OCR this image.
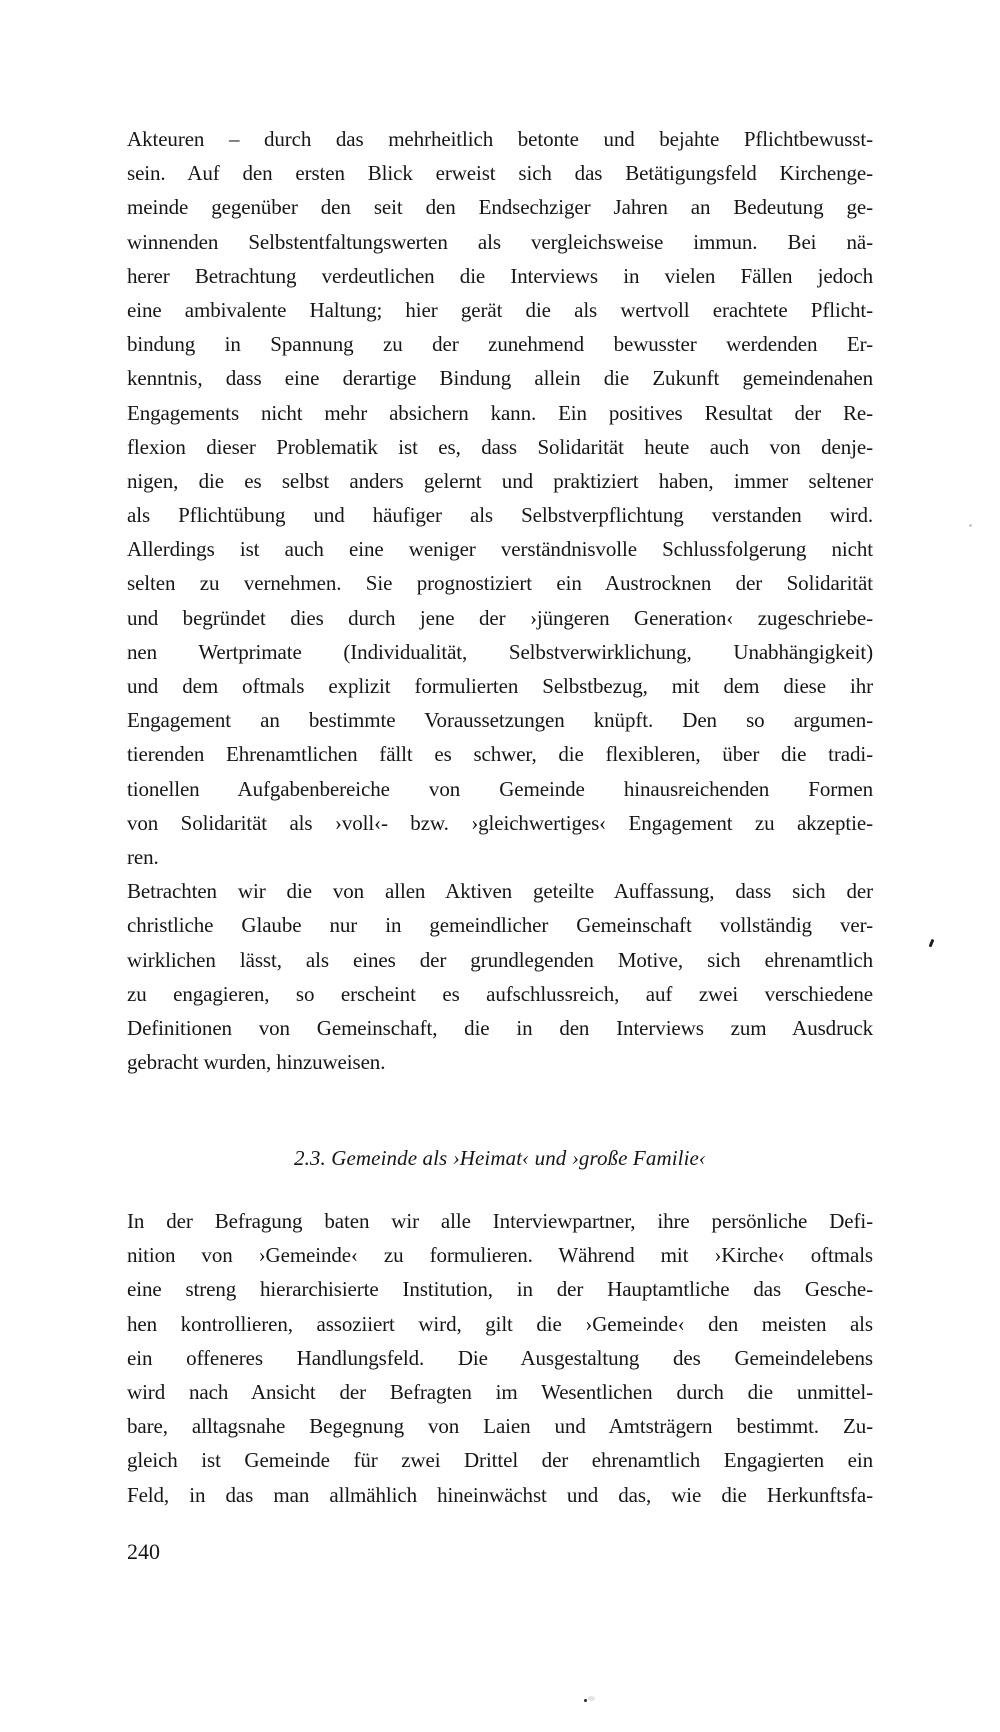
Akteuren – durch das mehrheitlich betonte und bejahte Pflichtbewusst-
sein. Auf den ersten Blick erweist sich das Betätigungsfeld Kirchenge-
meinde gegenüber den seit den Endsechziger Jahren an Bedeutung ge-
winnenden Selbstentfaltungswerten als vergleichsweise immun. Bei nä-
herer Betrachtung verdeutlichen die Interviews in vielen Fällen jedoch
eine ambivalente Haltung; hier gerät die als wertvoll erachtete Pflicht-
bindung in Spannung zu der zunehmend bewusster werdenden Er-
kenntnis, dass eine derartige Bindung allein die Zukunft gemeindenahen
Engagements nicht mehr absichern kann. Ein positives Resultat der Re-
flexion dieser Problematik ist es, dass Solidarität heute auch von denje-
nigen, die es selbst anders gelernt und praktiziert haben, immer seltener
als Pflichtübung und häufiger als Selbstverpflichtung verstanden wird.
Allerdings ist auch eine weniger verständnisvolle Schlussfolgerung nicht
selten zu vernehmen. Sie prognostiziert ein Austrocknen der Solidarität
und begründet dies durch jene der ›jüngeren Generation‹ zugeschriebe-
nen Wertprimate (Individualität, Selbstverwirklichung, Unabhängigkeit)
und dem oftmals explizit formulierten Selbstbezug, mit dem diese ihr
Engagement an bestimmte Voraussetzungen knüpft. Den so argumen-
tierenden Ehrenamtlichen fällt es schwer, die flexibleren, über die tradi-
tionellen Aufgabenbereiche von Gemeinde hinausreichenden Formen
von Solidarität als ›voll‹- bzw. ›gleichwertiges‹ Engagement zu akzeptie-
ren.
Betrachten wir die von allen Aktiven geteilte Auffassung, dass sich der
christliche Glaube nur in gemeindlicher Gemeinschaft vollständig ver-
wirklichen lässt, als eines der grundlegenden Motive, sich ehrenamtlich
zu engagieren, so erscheint es aufschlussreich, auf zwei verschiedene
Definitionen von Gemeinschaft, die in den Interviews zum Ausdruck
gebracht wurden, hinzuweisen.
2.3. Gemeinde als ›Heimat‹ und ›große Familie‹
In der Befragung baten wir alle Interviewpartner, ihre persönliche Defi-
nition von ›Gemeinde‹ zu formulieren. Während mit ›Kirche‹ oftmals
eine streng hierarchisierte Institution, in der Hauptamtliche das Gesche-
hen kontrollieren, assoziiert wird, gilt die ›Gemeinde‹ den meisten als
ein offeneres Handlungsfeld. Die Ausgestaltung des Gemeindelebens
wird nach Ansicht der Befragten im Wesentlichen durch die unmittel-
bare, alltagsnahe Begegnung von Laien und Amtsträgern bestimmt. Zu-
gleich ist Gemeinde für zwei Drittel der ehrenamtlich Engagierten ein
Feld, in das man allmählich hineinwächst und das, wie die Herkunftsfa-
240
